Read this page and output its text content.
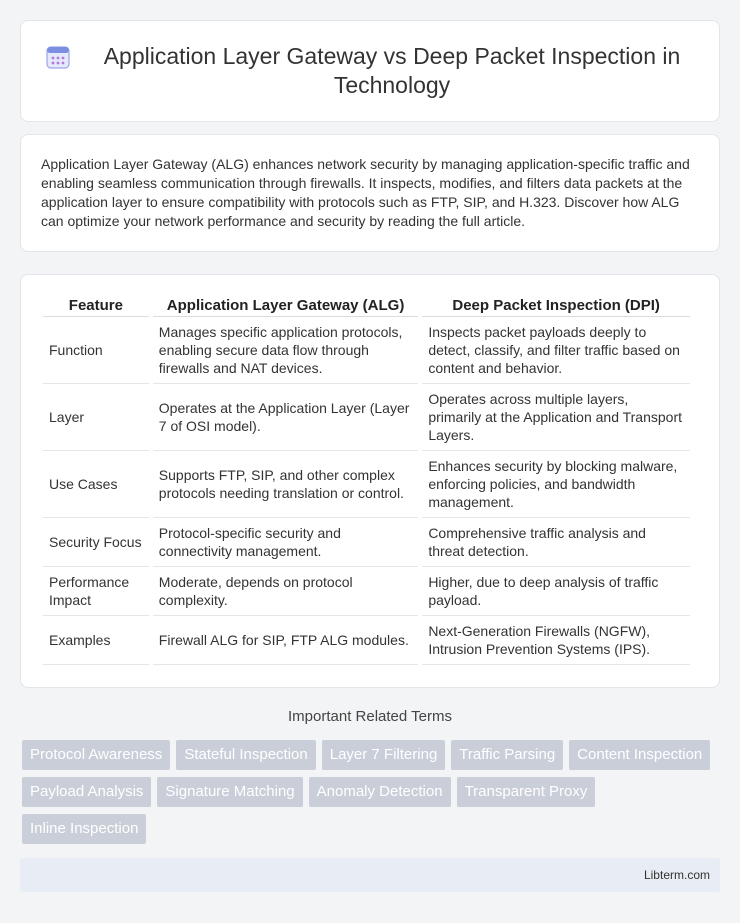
Application Layer Gateway vs Deep Packet Inspection in Technology

Application Layer Gateway (ALG) enhances network security by managing application-specific traffic and enabling seamless communication through firewalls. It inspects, modifies, and filters data packets at the application layer to ensure compatibility with protocols such as FTP, SIP, and H.323. Discover how ALG can optimize your network performance and security by reading the full article.

Feature	Application Layer Gateway (ALG)	Deep Packet Inspection (DPI)
Function	Manages specific application protocols, enabling secure data flow through firewalls and NAT devices.	Inspects packet payloads deeply to detect, classify, and filter traffic based on content and behavior.
Layer	Operates at the Application Layer (Layer 7 of OSI model).	Operates across multiple layers, primarily at the Application and Transport Layers.
Use Cases	Supports FTP, SIP, and other complex protocols needing translation or control.	Enhances security by blocking malware, enforcing policies, and bandwidth management.
Security Focus	Protocol-specific security and connectivity management.	Comprehensive traffic analysis and threat detection.
Performance Impact	Moderate, depends on protocol complexity.	Higher, due to deep analysis of traffic payload.
Examples	Firewall ALG for SIP, FTP ALG modules.	Next-Generation Firewalls (NGFW), Intrusion Prevention Systems (IPS).
Important Related Terms
Protocol Awareness	Stateful Inspection	Layer 7 Filtering	Traffic Parsing	Content Inspection
Payload Analysis	Signature Matching	Anomaly Detection	Transparent Proxy
Inline Inspection
Libterm.com
